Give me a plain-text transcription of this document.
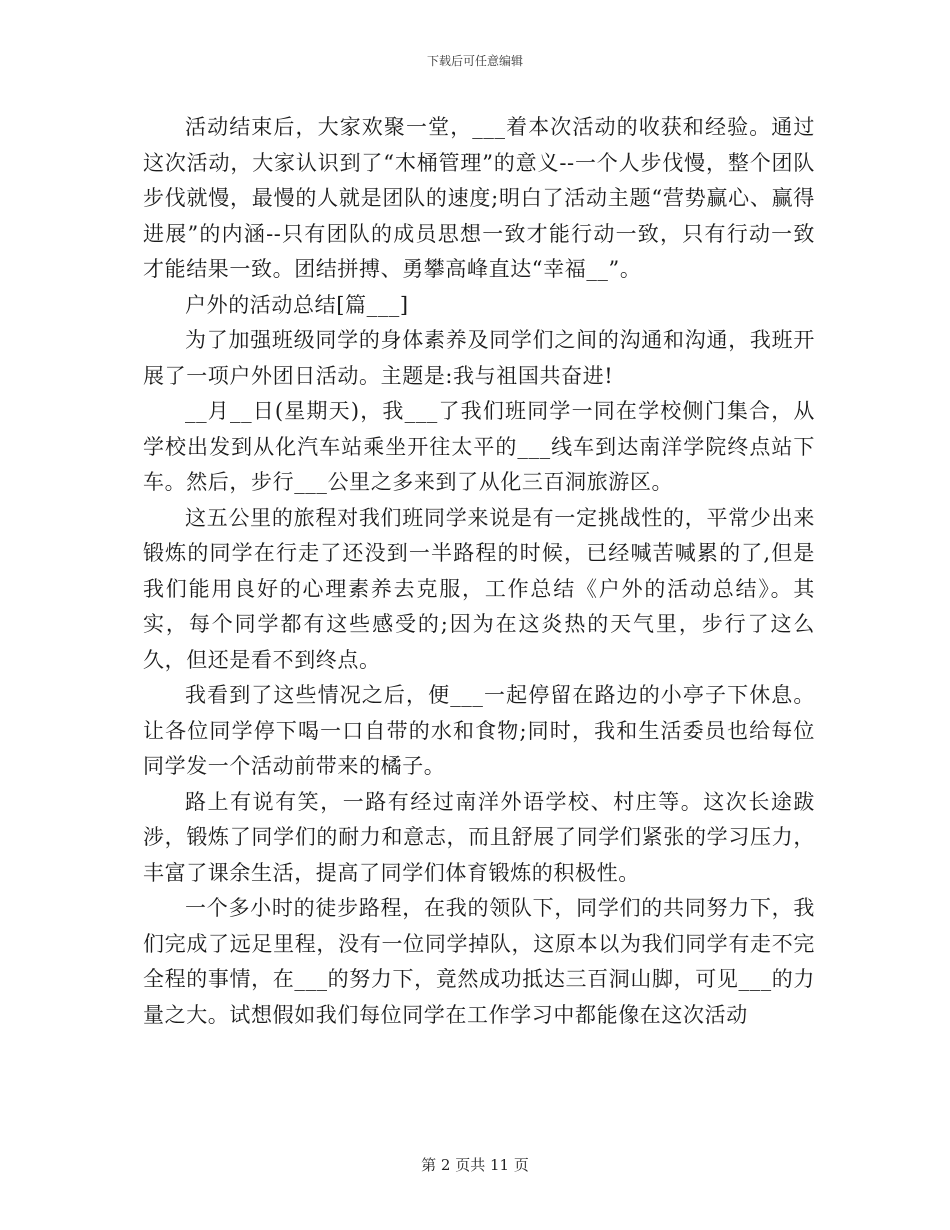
下载后可任意编辑

活动结束后，大家欢聚一堂，___着本次活动的收获和经验。通过这次活动，大家认识到了“木桶管理”的意义--一个人步伐慢，整个团队步伐就慢，最慢的人就是团队的速度;明白了活动主题“营势赢心、赢得进展”的内涵--只有团队的成员思想一致才能行动一致，只有行动一致才能结果一致。团结拼搏、勇攀高峰直达“幸福__”。

户外的活动总结[篇___]

为了加强班级同学的身体素养及同学们之间的沟通和沟通，我班开展了一项户外团日活动。主题是:我与祖国共奋进!

__月__日(星期天)，我___了我们班同学一同在学校侧门集合，从学校出发到从化汽车站乘坐开往太平的___线车到达南洋学院终点站下车。然后，步行___公里之多来到了从化三百洞旅游区。

这五公里的旅程对我们班同学来说是有一定挑战性的，平常少出来锻炼的同学在行走了还没到一半路程的时候，已经喊苦喊累的了,但是我们能用良好的心理素养去克服，工作总结《户外的活动总结》。其实，每个同学都有这些感受的;因为在这炎热的天气里，步行了这么久，但还是看不到终点。

我看到了这些情况之后，便___一起停留在路边的小亭子下休息。让各位同学停下喝一口自带的水和食物;同时，我和生活委员也给每位同学发一个活动前带来的橘子。

路上有说有笑，一路有经过南洋外语学校、村庄等。这次长途跋涉，锻炼了同学们的耐力和意志，而且舒展了同学们紧张的学习压力，丰富了课余生活，提高了同学们体育锻炼的积极性。

一个多小时的徒步路程，在我的领队下，同学们的共同努力下，我们完成了远足里程，没有一位同学掉队，这原本以为我们同学有走不完全程的事情，在___的努力下，竟然成功抵达三百洞山脚，可见___的力量之大。试想假如我们每位同学在工作学习中都能像在这次活动

第 2 页共 11 页
